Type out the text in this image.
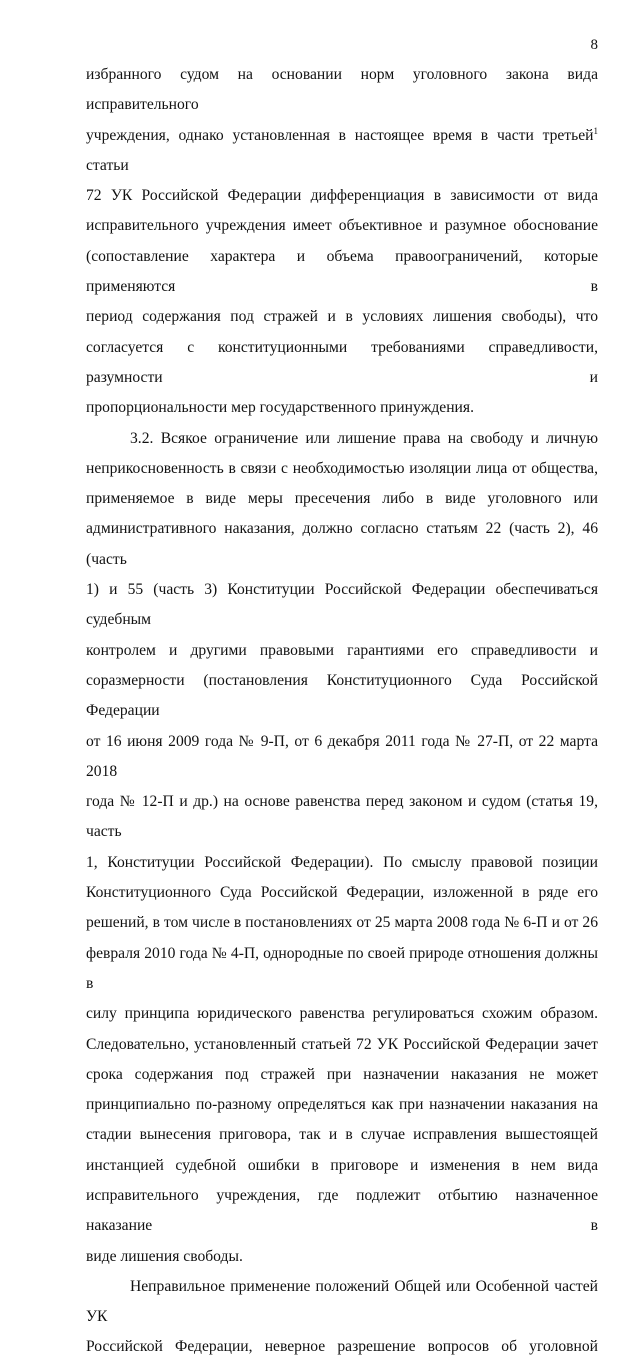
8

избранного судом на основании норм уголовного закона вида исправительного
учреждения, однако установленная в настоящее время в части третьей$^1$ статьи
72 УК Российской Федерации дифференциация в зависимости от вида
исправительного учреждения имеет объективное и разумное обоснование
(сопоставление характера и объема правоограничений, которые применяются в
период содержания под стражей и в условиях лишения свободы), что
согласуется с конституционными требованиями справедливости, разумности и
пропорциональности мер государственного принуждения.

3.2. Всякое ограничение или лишение права на свободу и личную
неприкосновенность в связи с необходимостью изоляции лица от общества,
применяемое в виде меры пресечения либо в виде уголовного или
административного наказания, должно согласно статьям 22 (часть 2), 46 (часть
1) и 55 (часть 3) Конституции Российской Федерации обеспечиваться судебным
контролем и другими правовыми гарантиями его справедливости и
соразмерности (постановления Конституционного Суда Российской Федерации
от 16 июня 2009 года № 9-П, от 6 декабря 2011 года № 27-П, от 22 марта 2018
года № 12-П и др.) на основе равенства перед законом и судом (статья 19, часть
1, Конституции Российской Федерации). По смыслу правовой позиции
Конституционного Суда Российской Федерации, изложенной в ряде его
решений, в том числе в постановлениях от 25 марта 2008 года № 6-П и от 26
февраля 2010 года № 4-П, однородные по своей природе отношения должны в
силу принципа юридического равенства регулироваться схожим образом.
Следовательно, установленный статьей 72 УК Российской Федерации зачет
срока содержания под стражей при назначении наказания не может
принципиально по-разному определяться как при назначении наказания на
стадии вынесения приговора, так и в случае исправления вышестоящей
инстанцией судебной ошибки в приговоре и изменения в нем вида
исправительного учреждения, где подлежит отбытию назначенное наказание в
виде лишения свободы.

Неправильное применение положений Общей или Особенной частей УК
Российской Федерации, неверное разрешение вопросов об уголовной
